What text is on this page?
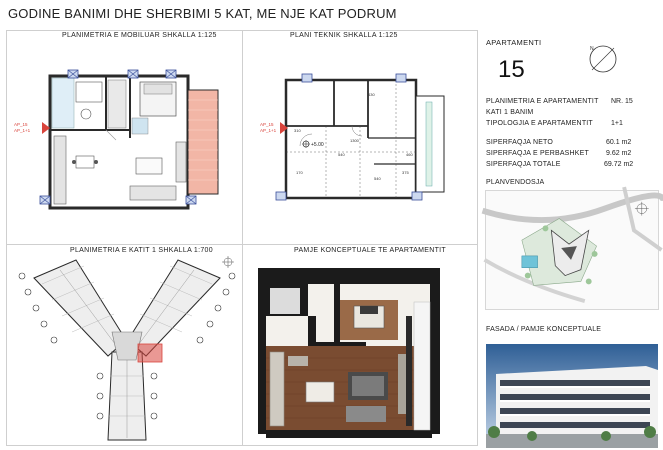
GODINE BANIMI DHE SHERBIMI 5 KAT, ME NJE KAT PODRUM
PLANIMETRIA E MOBILUAR SHKALLA 1:125	PLANI TEKNIK SHKALLA 1:125
PLANIMETRIA E KATIT 1 SHKALLA 1:700	PAMJE KONCEPTUALE TE APARTAMENTIT
AP_15
AP_1+1
+5.00
430
1300
540	460
170	375
310
540
AP_15
AP_1+1
APARTAMENTI
15
N
PLANIMETRIA E APARTAMENTIT NR. 15
KATI 1 BANIM
TIPOLOGJIA E APARTAMENTIT	1+1
SIPERFAQJA NETO	60.1 m2
SIPERFAQJA E PERBASHKET 9.62 m2
SIPERFAQJA TOTALE	69.72 m2
PLANVENDOSJA
FASADA / PAMJE KONCEPTUALE
